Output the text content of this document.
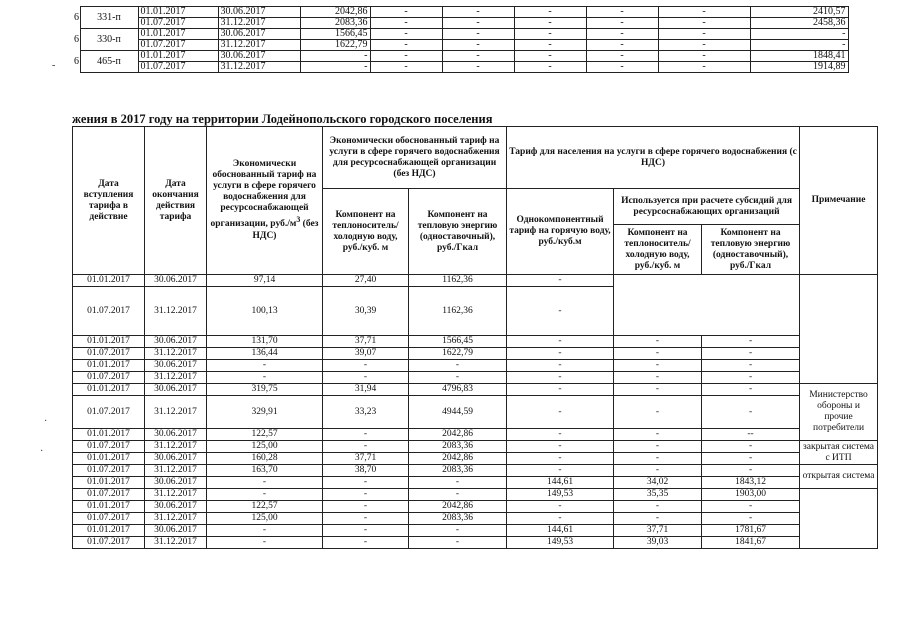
6	331-п	01.01.2017	30.06.2017	2042,86	-	-	-	-	-	2410,57
		01.07.2017	31.12.2017	2083,36	-	-	-	-	-	2458,36
6	330-п	01.01.2017	30.06.2017	1566,45	-	-	-	-	-	-
		01.07.2017	31.12.2017	1622,79	-	-	-	-	-	-
6	465-п	01.01.2017	30.06.2017	-	-	-	-	-	-	1848,41
		01.07.2017	31.12.2017	-	-	-	-	-	-	1914,89

жения в 2017 году на территории Лодейнопольского городского поселения

Дата вступления тарифа в действие	Дата окончания действия тарифа	Экономически обоснованный тариф на услуги в сфере горячего водоснабжения для ресурсоснабжающей организации, $руб./м^3$ (без НДС)	Экономически обоснованный тариф на услуги в сфере горячего водоснабжения для ресурсоснабжающей организации (без НДС)		Тариф для населения на услуги в сфере горячего водоснабжения (с НДС)			Примечание
			Компонент на теплоноситель/ холодную воду, руб./куб. м	Компонент на тепловую энергию (одноставочный), руб./Гкал	Однокомпонентный тариф на горячую воду, руб./куб.м	Используется при расчете субсидий для ресурсоснабжающих организаций		
						Компонент на теплоноситель/ холодную воду, руб./куб. м	Компонент на тепловую энергию (одноставочный), руб./Гкал	
01.01.2017	30.06.2017	97,14	27,40	1162,36	-			
01.07.2017	31.12.2017	100,13	30,39	1162,36	-			
01.01.2017	30.06.2017	131,70	37,71	1566,45	-	-	-	
01.07.2017	31.12.2017	136,44	39,07	1622,79	-	-	-	
01.01.2017	30.06.2017	-	-	-	-	-	-	
01.07.2017	31.12.2017	-	-	-	-	-	-	
01.01.2017	30.06.2017	319,75	31,94	4796,83	-	-	-	Министерство обороны и прочие потребители
01.07.2017	31.12.2017	329,91	33,23	4944,59	-	-	-	
01.01.2017	30.06.2017	122,57	-	2042,86	-	-	--	
01.07.2017	31.12.2017	125,00	-	2083,36	-	-	-	закрытая система с ИТП
01.01.2017	30.06.2017	160,28	37,71	2042,86	-	-	-	
01.07.2017	31.12.2017	163,70	38,70	2083,36	-	-	-	открытая система
01.01.2017	30.06.2017	-	-	-	144,61	34,02	1843,12	
01.07.2017	31.12.2017	-	-	-	149,53	35,35	1903,00	
01.01.2017	30.06.2017	122,57	-	2042,86	-	-	-	
01.07.2017	31.12.2017	125,00	-	2083,36	-	-	-	
01.01.2017	30.06.2017	-	-	-	144,61	37,71	1781,67	
01.07.2017	31.12.2017	-	-	-	149,53	39,03	1841,67	
-
·
·
